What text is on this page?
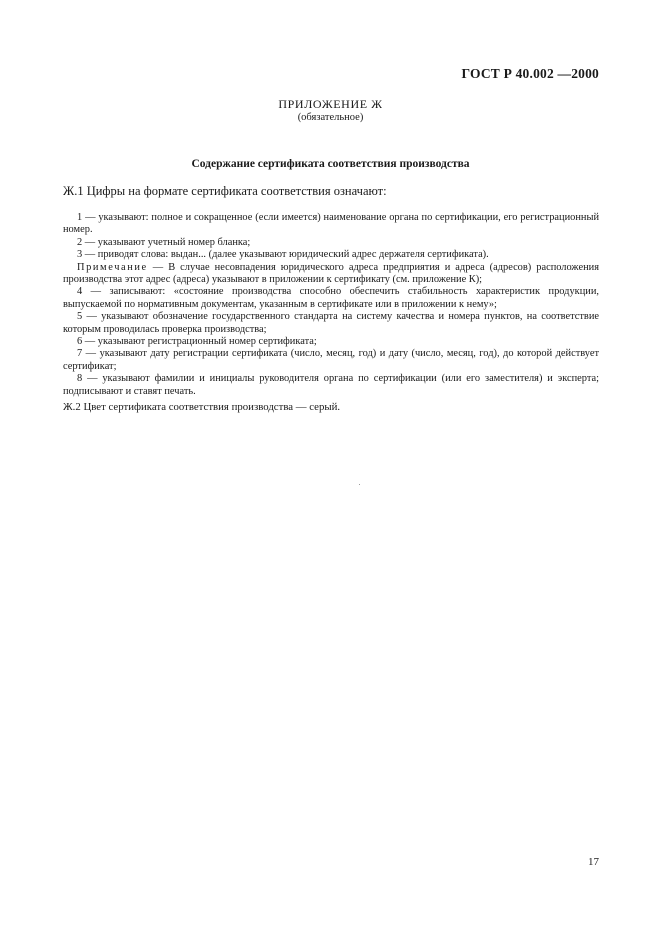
ГОСТ Р 40.002 —2000
ПРИЛОЖЕНИЕ Ж
(обязательное)
Содержание сертификата соответствия производства
Ж.1 Цифры на формате сертификата соответствия означают:

1 — указывают: полное и сокращенное (если имеется) наименование органа по сертификации, его регистрационный номер.

2 — указывают учетный номер бланка;

3 — приводят слова: выдан... (далее указывают юридический адрес держателя сертификата).

Примечание — В случае несовпадения юридического адреса предприятия и адреса (адресов) расположения производства этот адрес (адреса) указывают в приложении к сертификату (см. приложение К);

4 — записывают: «состояние производства способно обеспечить стабильность характеристик продукции, выпускаемой по нормативным документам, указанным в сертификате или в приложении к нему»;

5 — указывают обозначение государственного стандарта на систему качества и номера пунктов, на соответствие которым проводилась проверка производства;

6 — указывают регистрационный номер сертификата;

7 — указывают дату регистрации сертификата (число, месяц, год) и дату (число, месяц, год), до которой действует сертификат;

8 — указывают фамилии и инициалы руководителя органа по сертификации (или его заместителя) и эксперта; подписывают и ставят печать.

Ж.2 Цвет сертификата соответствия производства — серый.
17
